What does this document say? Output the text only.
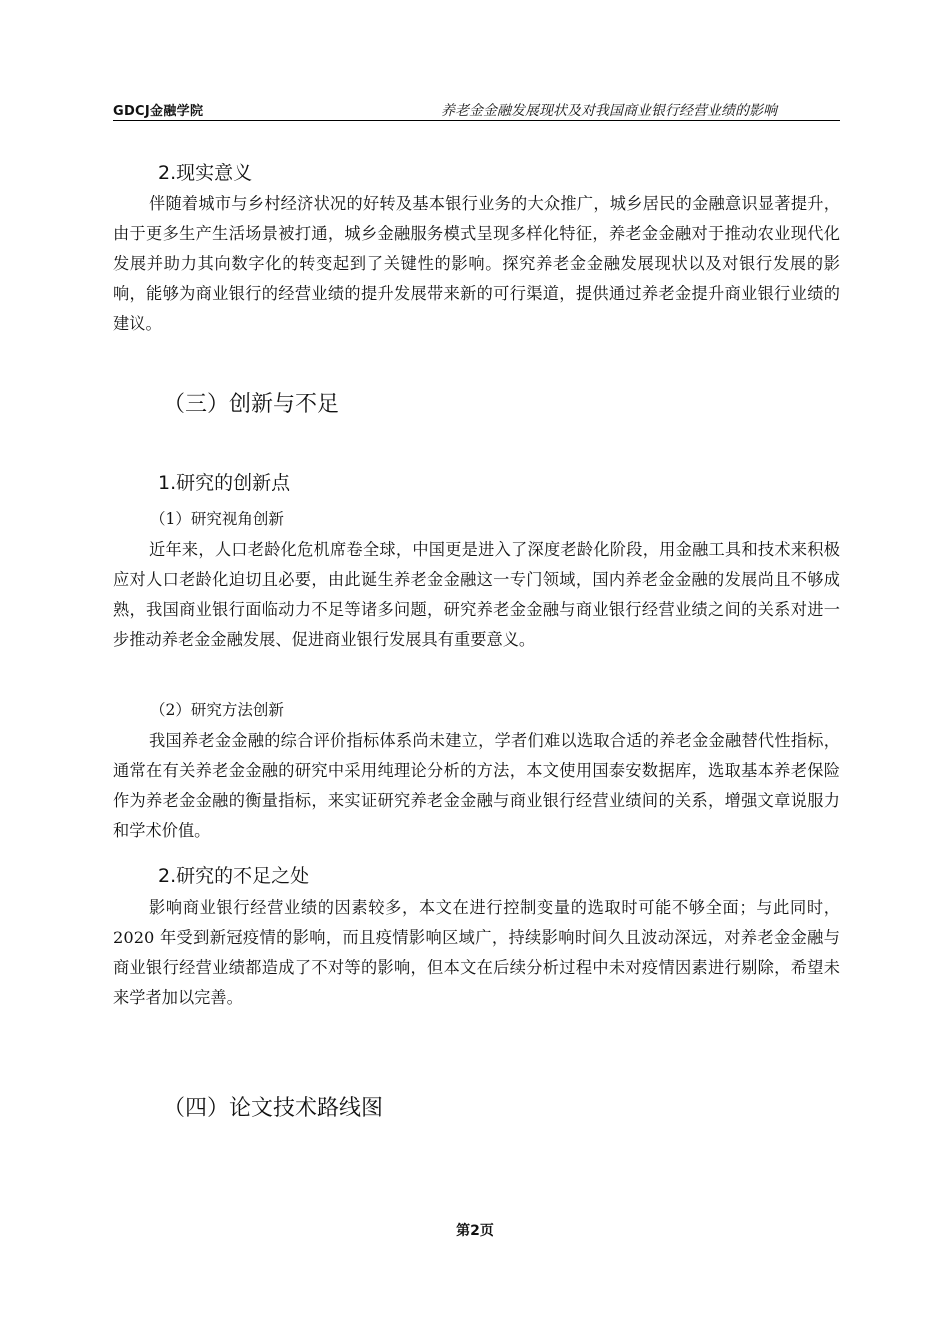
GDCJ金融学院	养老金金融发展现状及对我国商业银行经营业绩的影响
2.现实意义

伴随着城市与乡村经济状况的好转及基本银行业务的大众推广，城乡居民的金融意识显著提升，由于更多生产生活场景被打通，城乡金融服务模式呈现多样化特征，养老金金融对于推动农业现代化发展并助力其向数字化的转变起到了关键性的影响。探究养老金金融发展现状以及对银行发展的影响，能够为商业银行的经营业绩的提升发展带来新的可行渠道，提供通过养老金提升商业银行业绩的建议。

（三）创新与不足
1.研究的创新点
（1）研究视角创新

近年来，人口老龄化危机席卷全球，中国更是进入了深度老龄化阶段，用金融工具和技术来积极应对人口老龄化迫切且必要，由此诞生养老金金融这一专门领域，国内养老金金融的发展尚且不够成熟，我国商业银行面临动力不足等诸多问题，研究养老金金融与商业银行经营业绩之间的关系对进一步推动养老金金融发展、促进商业银行发展具有重要意义。

（2）研究方法创新

我国养老金金融的综合评价指标体系尚未建立，学者们难以选取合适的养老金金融替代性指标，通常在有关养老金金融的研究中采用纯理论分析的方法，本文使用国泰安数据库，选取基本养老保险作为养老金金融的衡量指标，来实证研究养老金金融与商业银行经营业绩间的关系，增强文章说服力和学术价值。

2.研究的不足之处

影响商业银行经营业绩的因素较多，本文在进行控制变量的选取时可能不够全面；与此同时，2020 年受到新冠疫情的影响，而且疫情影响区域广，持续影响时间久且波动深远，对养老金金融与商业银行经营业绩都造成了不对等的影响，但本文在后续分析过程中未对疫情因素进行剔除，希望未来学者加以完善。

（四）论文技术路线图
第2页
